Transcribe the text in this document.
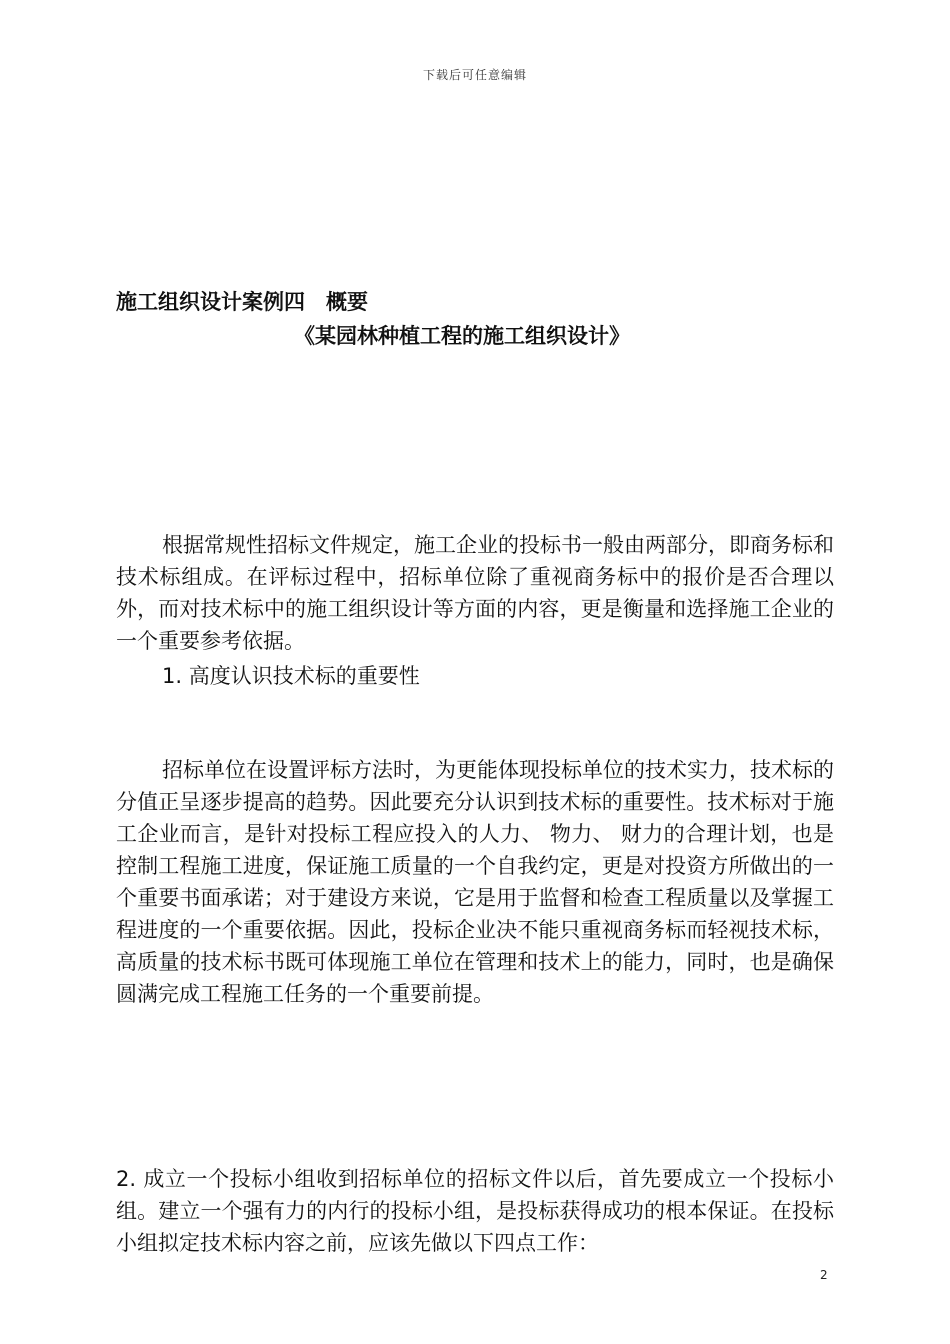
下载后可任意编辑
施工组织设计案例四　概要
《某园林种植工程的施工组织设计》

根据常规性招标文件规定，施工企业的投标书一般由两部分，即商务标和技术标组成。在评标过程中，招标单位除了重视商务标中的报价是否合理以外，而对技术标中的施工组织设计等方面的内容，更是衡量和选择施工企业的一个重要参考依据。

1. 高度认识技术标的重要性

招标单位在设置评标方法时，为更能体现投标单位的技术实力，技术标的分值正呈逐步提高的趋势。因此要充分认识到技术标的重要性。技术标对于施工企业而言，是针对投标工程应投入的人力、 物力、 财力的合理计划，也是控制工程施工进度，保证施工质量的一个自我约定，更是对投资方所做出的一个重要书面承诺；对于建设方来说，它是用于监督和检查工程质量以及掌握工程进度的一个重要依据。因此，投标企业决不能只重视商务标而轻视技术标，高质量的技术标书既可体现施工单位在管理和技术上的能力，同时，也是确保圆满完成工程施工任务的一个重要前提。

2. 成立一个投标小组收到招标单位的招标文件以后，首先要成立一个投标小组。建立一个强有力的内行的投标小组，是投标获得成功的根本保证。在投标小组拟定技术标内容之前，应该先做以下四点工作：

2
